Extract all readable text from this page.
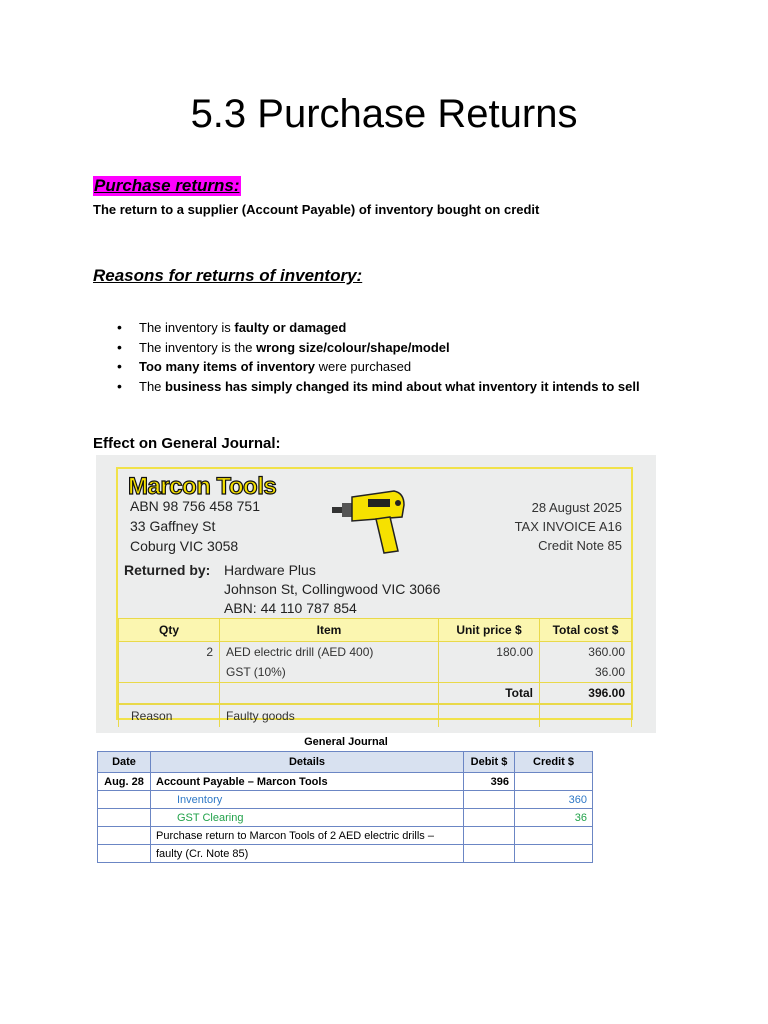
5.3 Purchase Returns
Purchase returns:
The return to a supplier (Account Payable) of inventory bought on credit
Reasons for returns of inventory:
• The inventory is faulty or damaged
• The inventory is the wrong size/colour/shape/model
• Too many items of inventory were purchased
• The business has simply changed its mind about what inventory it intends to sell
Effect on General Journal:
Marcon Tools
ABN 98 756 458 751
33 Gaffney St
Coburg VIC 3058
28 August 2025
TAX INVOICE A16
Credit Note 85
Returned by: Hardware Plus
Johnson St, Collingwood VIC 3066
ABN: 44 110 787 854
Qty	Item	Unit price $	Total cost $
2	AED electric drill (AED 400)	180.00	360.00
	GST (10%)		36.00
		Total	396.00
Reason	Faulty goods		
General Journal
Date	Details	Debit $	Credit $
Aug. 28	Account Payable – Marcon Tools	396	
	Inventory		360
	GST Clearing		36
	Purchase return to Marcon Tools of 2 AED electric drills –		
	faulty (Cr. Note 85)		
